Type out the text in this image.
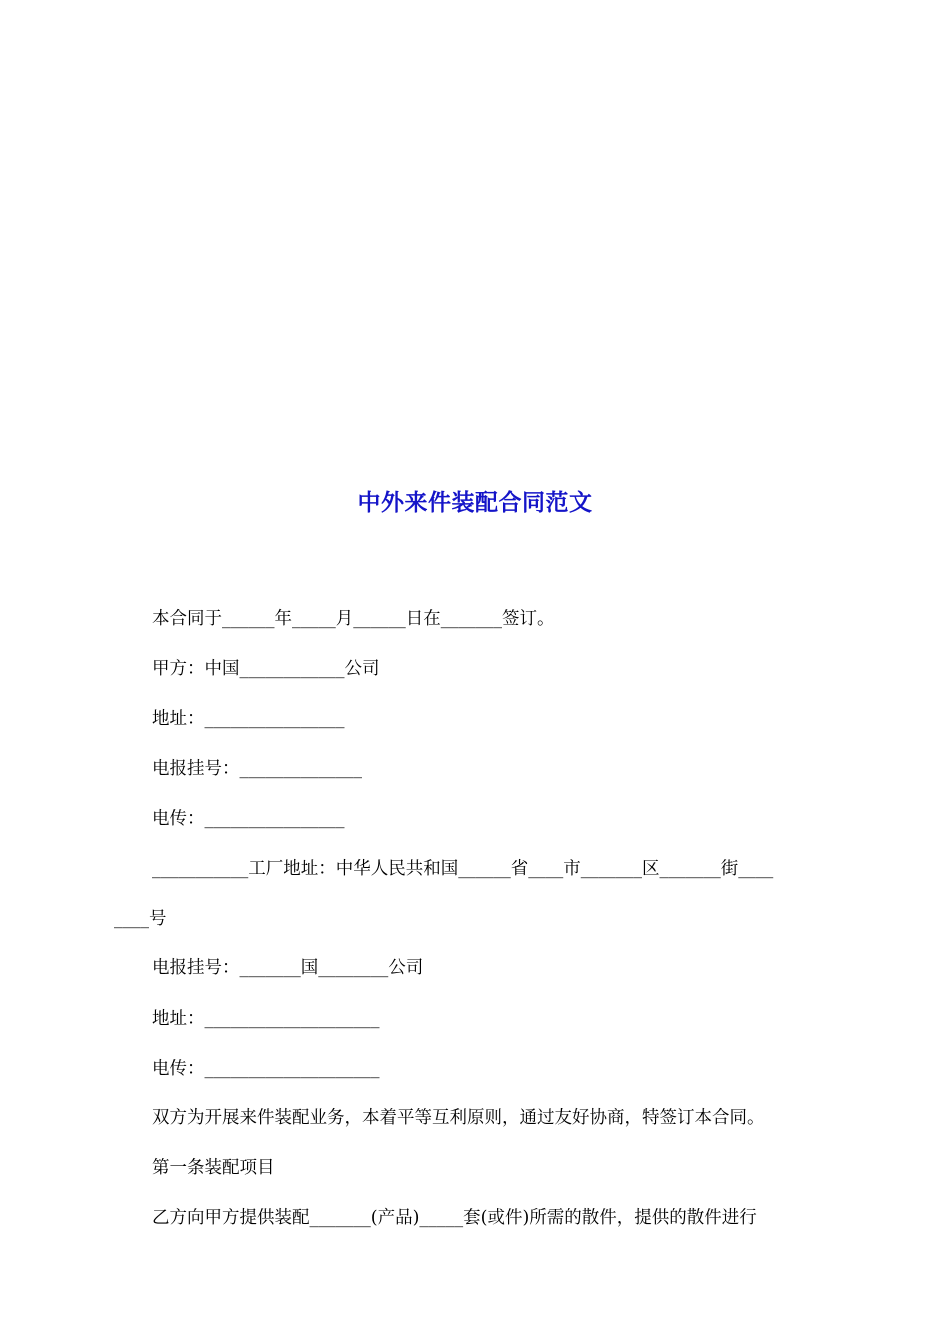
中外来件装配合同范文
本合同于______年_____月______日在_______签订。
甲方：中国____________公司
地址：________________
电报挂号：______________
电传：________________
___________工厂地址：中华人民共和国______省____市_______区_______街____
____号
电报挂号：_______国________公司
地址：____________________
电传：____________________
双方为开展来件装配业务，本着平等互利原则，通过友好协商，特签订本合同。
第一条装配项目
乙方向甲方提供装配_______(产品)_____套(或件)所需的散件，提供的散件进行
